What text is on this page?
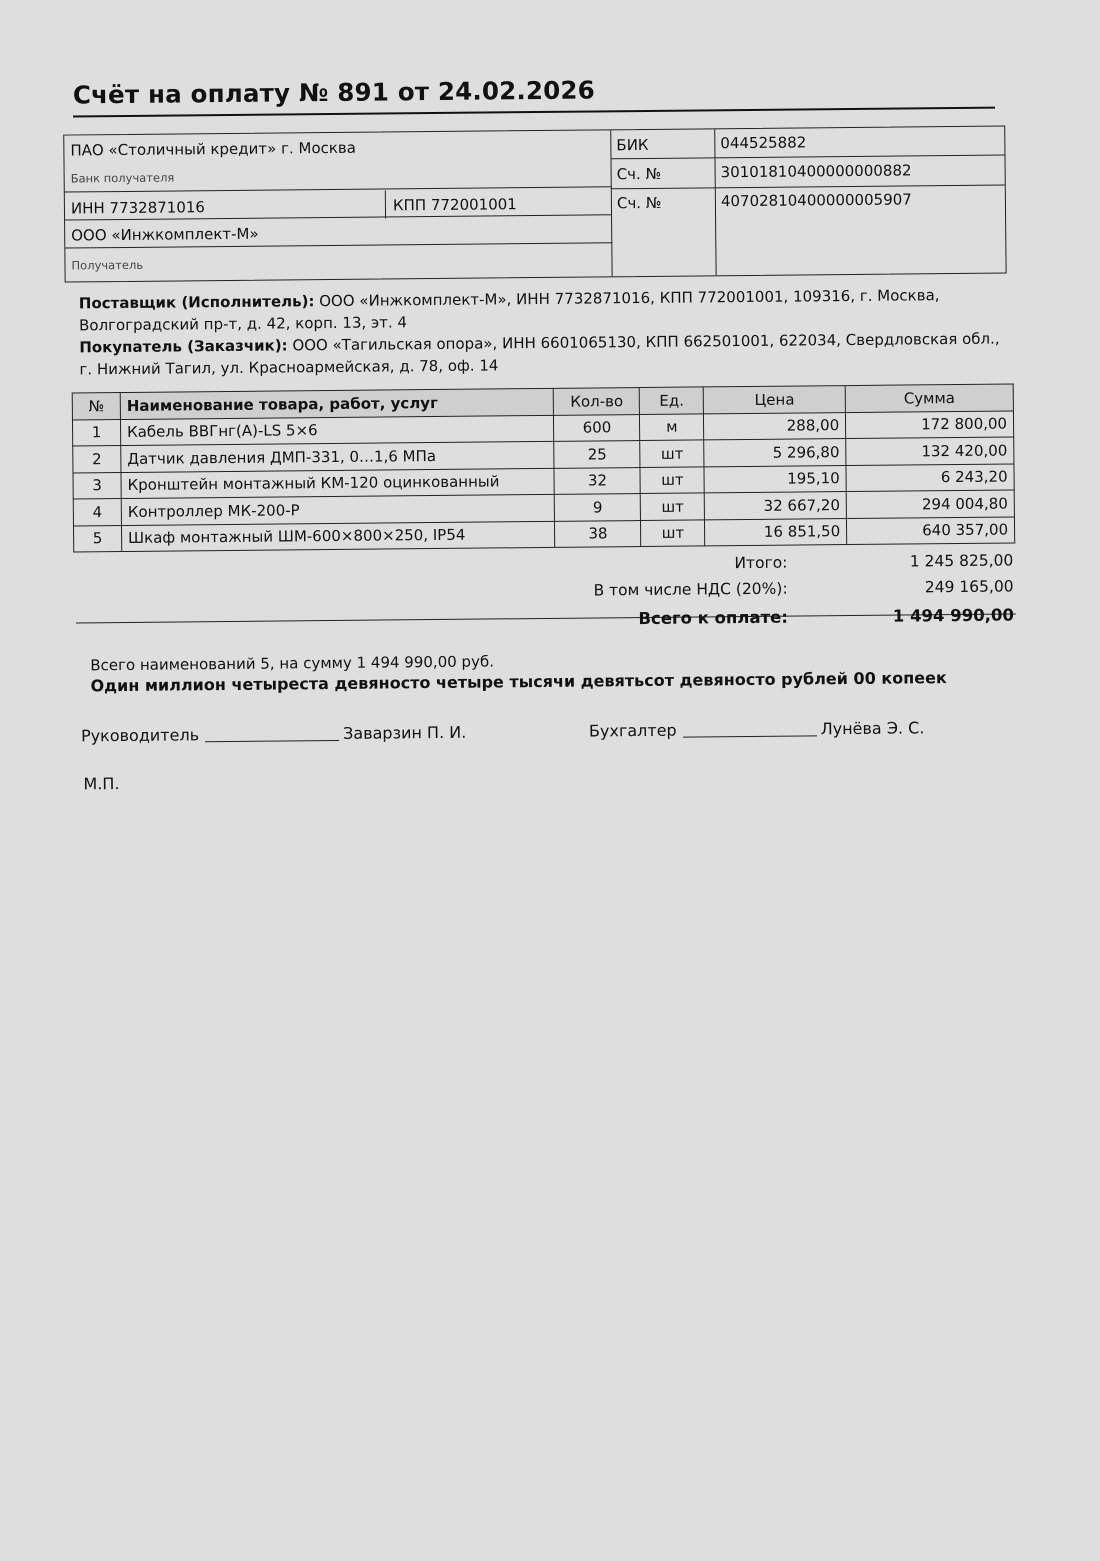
Счёт на оплату № 891 от 24.02.2026
ПАО «Столичный кредит» г. Москва
Банк получателя
ИНН 7732871016	КПП 772001001
ООО «Инжкомплект-М»
Получатель
БИК	044525882
Сч. №	30101810400000000882
Сч. №	40702810400000005907

Поставщик (Исполнитель): ООО «Инжкомплект-М», ИНН 7732871016, КПП 772001001, 109316, г. Москва, Волгоградский пр-т, д. 42, корп. 13, эт. 4

Покупатель (Заказчик): ООО «Тагильская опора», ИНН 6601065130, КПП 662501001, 622034, Свердловская обл., г. Нижний Тагил, ул. Красноармейская, д. 78, оф. 14

№	Наименование товара, работ, услуг	Кол-во	Ед.	Цена	Сумма
1	Кабель ВВГнг(А)-LS 5×6	600	м	288,00	172 800,00
2	Датчик давления ДМП-331, 0…1,6 МПа	25	шт	5 296,80	132 420,00
3	Кронштейн монтажный КМ-120 оцинкованный	32	шт	195,10	6 243,20
4	Контроллер МК-200-Р	9	шт	32 667,20	294 004,80
5	Шкаф монтажный ШМ-600×800×250, IP54	38	шт	16 851,50	640 357,00
Итого:	1 245 825,00
В том числе НДС (20%):	249 165,00
Всего к оплате:	1 494 990,00
Всего наименований 5, на сумму 1 494 990,00 руб.
Один миллион четыреста девяносто четыре тысячи девятьсот девяносто рублей 00 копеек
Руководитель	Заварзин П. И.	Бухгалтер	Лунёва Э. С.
М.П.
